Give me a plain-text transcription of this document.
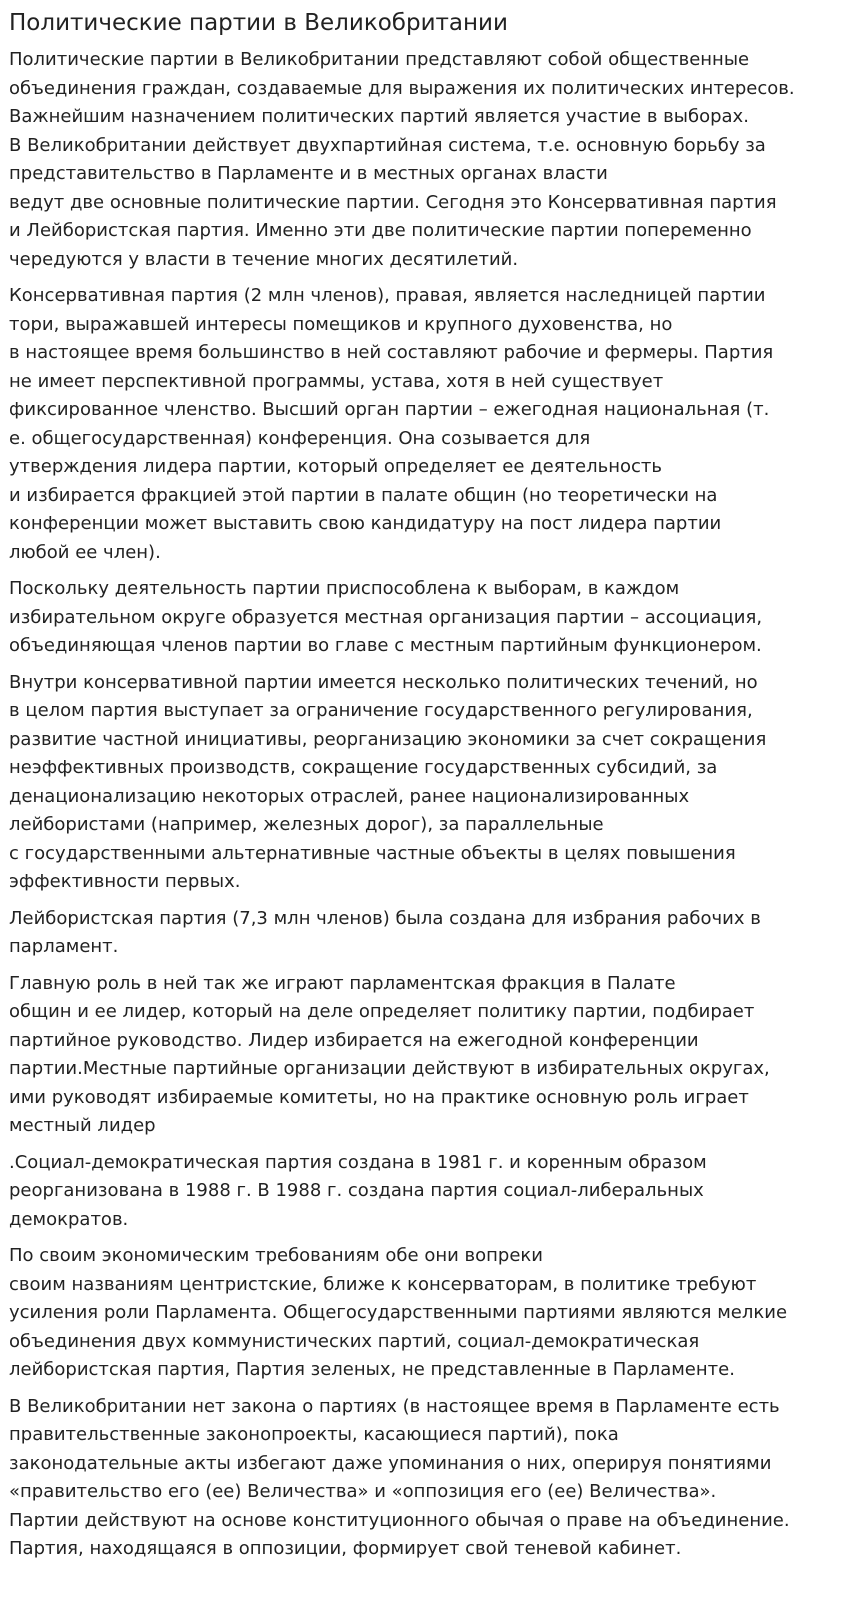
Политические партии в Великобритании

Политические партии в Великобритании представляют собой общественные
объединения граждан, создаваемые для выражения их политических интересов.
Важнейшим назначением политических партий является участие в выборах.
В Великобритании действует двухпартийная система, т.е. основную борьбу за
представительство в Парламенте и в местных органах власти
ведут две основные политические партии. Сегодня это Консервативная партия
и Лейбористская партия. Именно эти две политические партии попеременно
чередуются у власти в течение многих десятилетий.

Консервативная партия (2 млн членов), правая, является наследницей партии
тори, выражавшей интересы помещиков и крупного духовенства, но
в настоящее время большинство в ней составляют рабочие и фермеры. Партия
не имеет перспективной программы, устава, хотя в ней существует
фиксированное членство. Высший орган партии – ежегодная национальная (т.
е. общегосударственная) конференция. Она созывается для
утверждения лидера партии, который определяет ее деятельность
и избирается фракцией этой партии в палате общин (но теоретически на
конференции может выставить свою кандидатуру на пост лидера партии
любой ее член).

Поскольку деятельность партии приспособлена к выборам, в каждом
избирательном округе образуется местная организация партии – ассоциация,
объединяющая членов партии во главе с местным партийным функционером.

Внутри консервативной партии имеется несколько политических течений, но
в целом партия выступает за ограничение государственного регулирования,
развитие частной инициативы, реорганизацию экономики за счет сокращения
неэффективных производств, сокращение государственных субсидий, за
денационализацию некоторых отраслей, ранее национализированных
лейбористами (например, железных дорог), за параллельные
с государственными альтернативные частные объекты в целях повышения
эффективности первых.

Лейбористская партия (7,3 млн членов) была создана для избрания рабочих в
парламент.

Главную роль в ней так же играют парламентская фракция в Палате
общин и ее лидер, который на деле определяет политику партии, подбирает
партийное руководство. Лидер избирается на ежегодной конференции
партии.Местные партийные организации действуют в избирательных округах,
ими руководят избираемые комитеты, но на практике основную роль играет
местный лидер

.Социал-демократическая партия создана в 1981 г. и коренным образом
реорганизована в 1988 г. В 1988 г. создана партия социал-либеральных
демократов.

По своим экономическим требованиям обе они вопреки
своим названиям центристские, ближе к консерваторам, в политике требуют
усиления роли Парламента. Общегосударственными партиями являются мелкие
объединения двух коммунистических партий, социал-демократическая
лейбористская партия, Партия зеленых, не представленные в Парламенте.

В Великобритании нет закона о партиях (в настоящее время в Парламенте есть
правительственные законопроекты, касающиеся партий), пока
законодательные акты избегают даже упоминания о них, оперируя понятиями
«правительство его (ее) Величества» и «оппозиция его (ее) Величества».
Партии действуют на основе конституционного обычая о праве на объединение.
Партия, находящаяся в оппозиции, формирует свой теневой кабинет.
